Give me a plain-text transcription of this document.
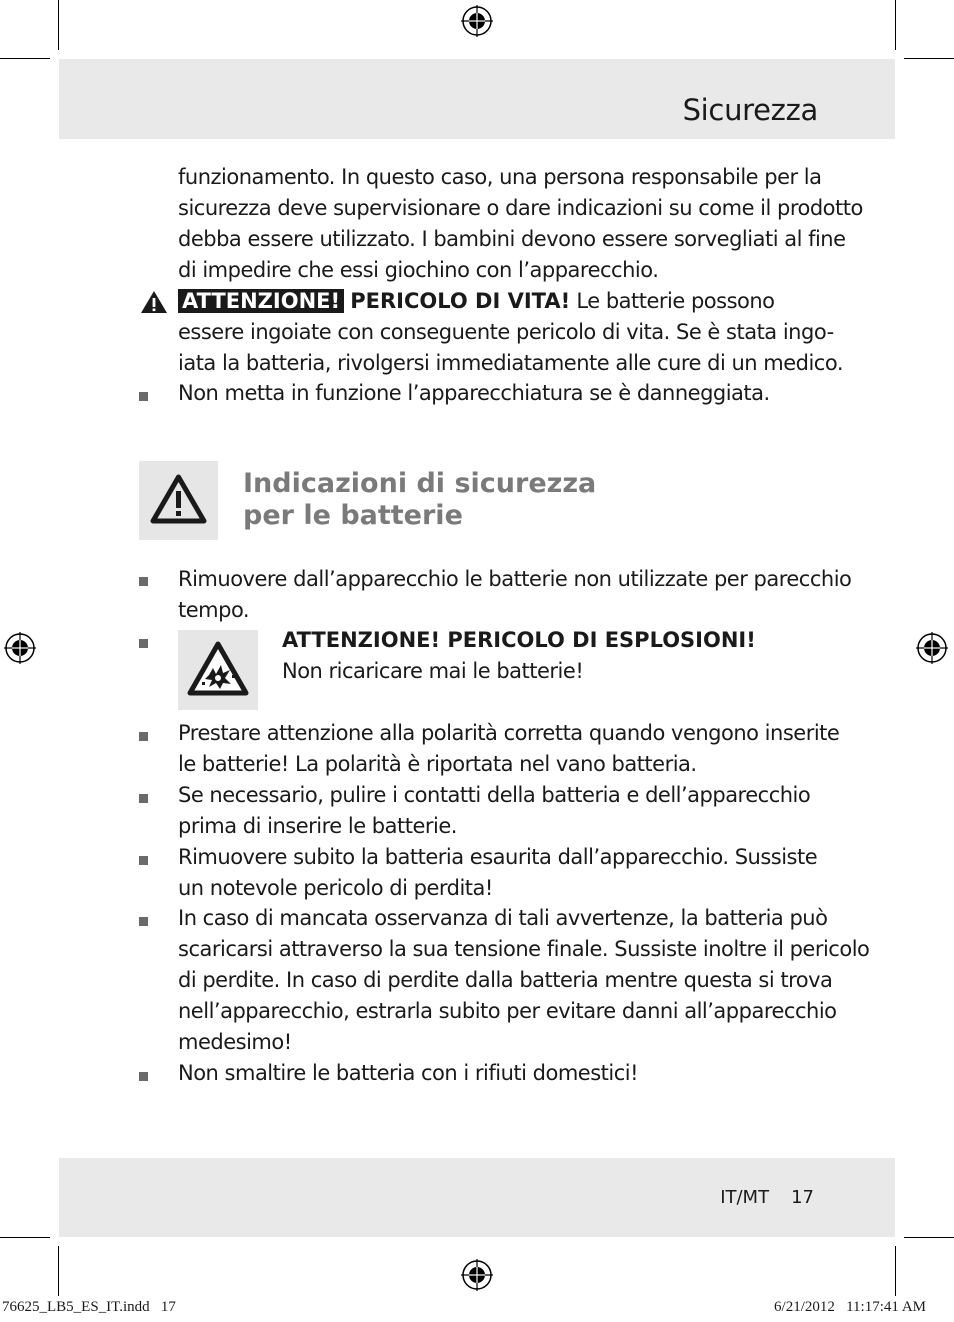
Sicurezza
funzionamento. In questo caso, una persona responsabile per la
sicurezza deve supervisionare o dare indicazioni su come il prodotto
debba essere utilizzato. I bambini devono essere sorvegliati al fine
di impedire che essi giochino con l’apparecchio.
ATTENZIONE! PERICOLO DI VITA! Le batterie possono
essere ingoiate con conseguente pericolo di vita. Se è stata ingo-
iata la batteria, rivolgersi immediatamente alle cure di un medico.
Non metta in funzione l’apparecchiatura se è danneggiata.
Indicazioni di sicurezza
per le batterie
Rimuovere dall’apparecchio le batterie non utilizzate per parecchio
tempo.
ATTENZIONE! PERICOLO DI ESPLOSIONI!
Non ricaricare mai le batterie!
Prestare attenzione alla polarità corretta quando vengono inserite
le batterie! La polarità è riportata nel vano batteria.
Se necessario, pulire i contatti della batteria e dell’apparecchio
prima di inserire le batterie.
Rimuovere subito la batteria esaurita dall’apparecchio. Sussiste
un notevole pericolo di perdita!
In caso di mancata osservanza di tali avvertenze, la batteria può
scaricarsi attraverso la sua tensione finale. Sussiste inoltre il pericolo
di perdite. In caso di perdite dalla batteria mentre questa si trova
nell’apparecchio, estrarla subito per evitare danni all’apparecchio
medesimo!
Non smaltire le batteria con i rifiuti domestici!
IT/MT 17
76625_LB5_ES_IT.indd   17	6/21/2012   11:17:41 AM
